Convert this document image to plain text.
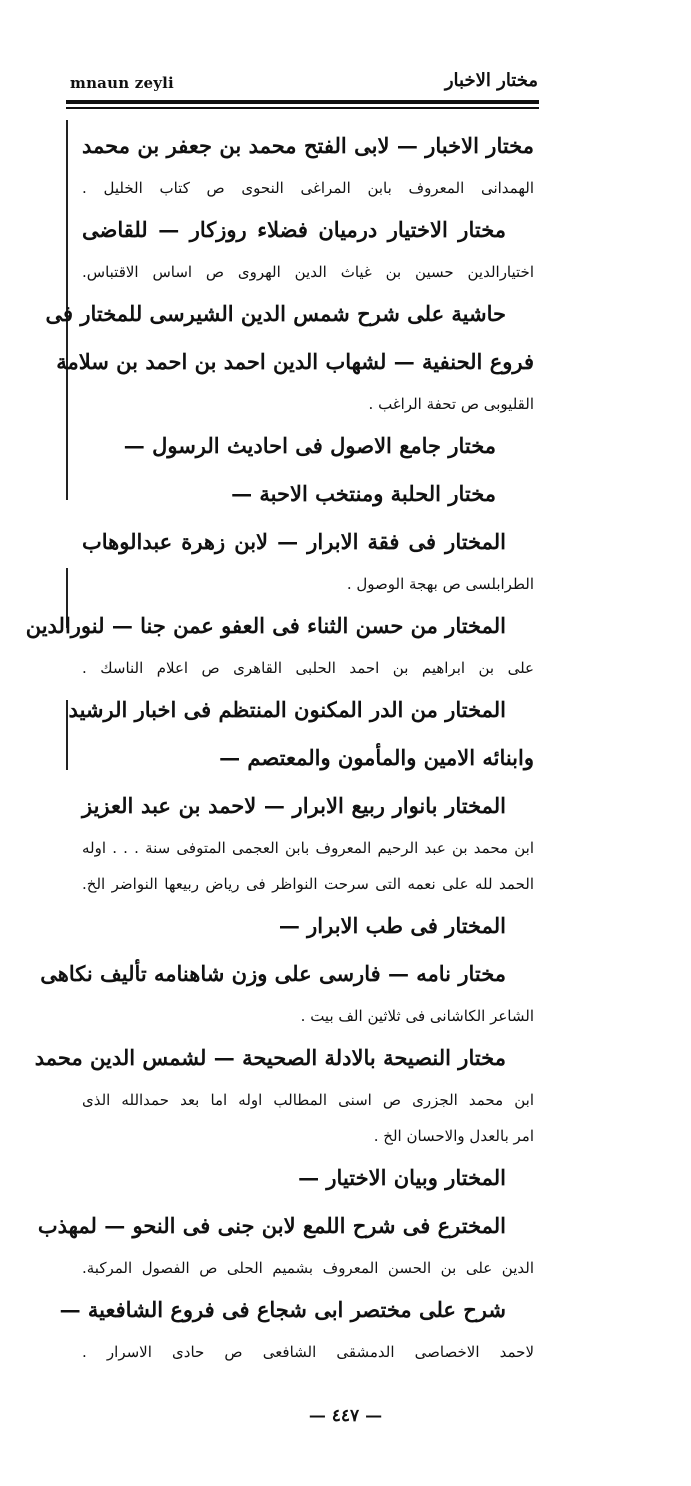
mnaun zeyli	مختار الاخبار
مختار الاخبار — لابى الفتح محمد بن جعفر بن محمد
الهمدانى المعروف بابن المراغى النحوى ص كتاب الخليل .
مختار الاختيار درميان فضلاء روزكار — للقاضى
اختيارالدين حسين بن غياث الدين الهروى ص اساس الاقتباس.
حاشية على شرح شمس الدين الشيرسى للمختار فى
فروع الحنفية — لشهاب الدين احمد بن احمد بن سلامة
القليوبى ص تحفة الراغب .
مختار جامع الاصول فى احاديث الرسول —
مختار الحلبة ومنتخب الاحبة —
المختار فى فقة الابرار — لابن زهرة عبدالوهاب
الطرابلسى ص بهجة الوصول .
المختار من حسن الثناء فى العفو عمن جنا — لنورالدين
على بن ابراهيم بن احمد الحلبى القاهرى ص اعلام الناسك .
المختار من الدر المكنون المنتظم فى اخبار الرشيد
وابنائه الامين والمأمون والمعتصم —
المختار بانوار ربيع الابرار — لاحمد بن عبد العزيز
ابن محمد بن عبد الرحيم المعروف بابن العجمى المتوفى سنة . . . اوله
الحمد لله على نعمه التى سرحت النواظر فى رياض ربيعها النواضر الخ.
المختار فى طب الابرار —
مختار نامه — فارسى على وزن شاهنامه تأليف نكاهى
الشاعر الكاشانى فى ثلاثين الف بيت .
مختار النصيحة بالادلة الصحيحة — لشمس الدين محمد
ابن محمد الجزرى ص اسنى المطالب اوله اما بعد حمدالله الذى
امر بالعدل والاحسان الخ .
المختار وبيان الاختيار —
المخترع فى شرح اللمع لابن جنى فى النحو — لمهذب
الدين على بن الحسن المعروف بشميم الحلى ص الفصول المركبة.
شرح على مختصر ابى شجاع فى فروع الشافعية —
لاحمد الاخصاصى الدمشقى الشافعى ص حادى الاسرار .
— ٤٤٧ —
